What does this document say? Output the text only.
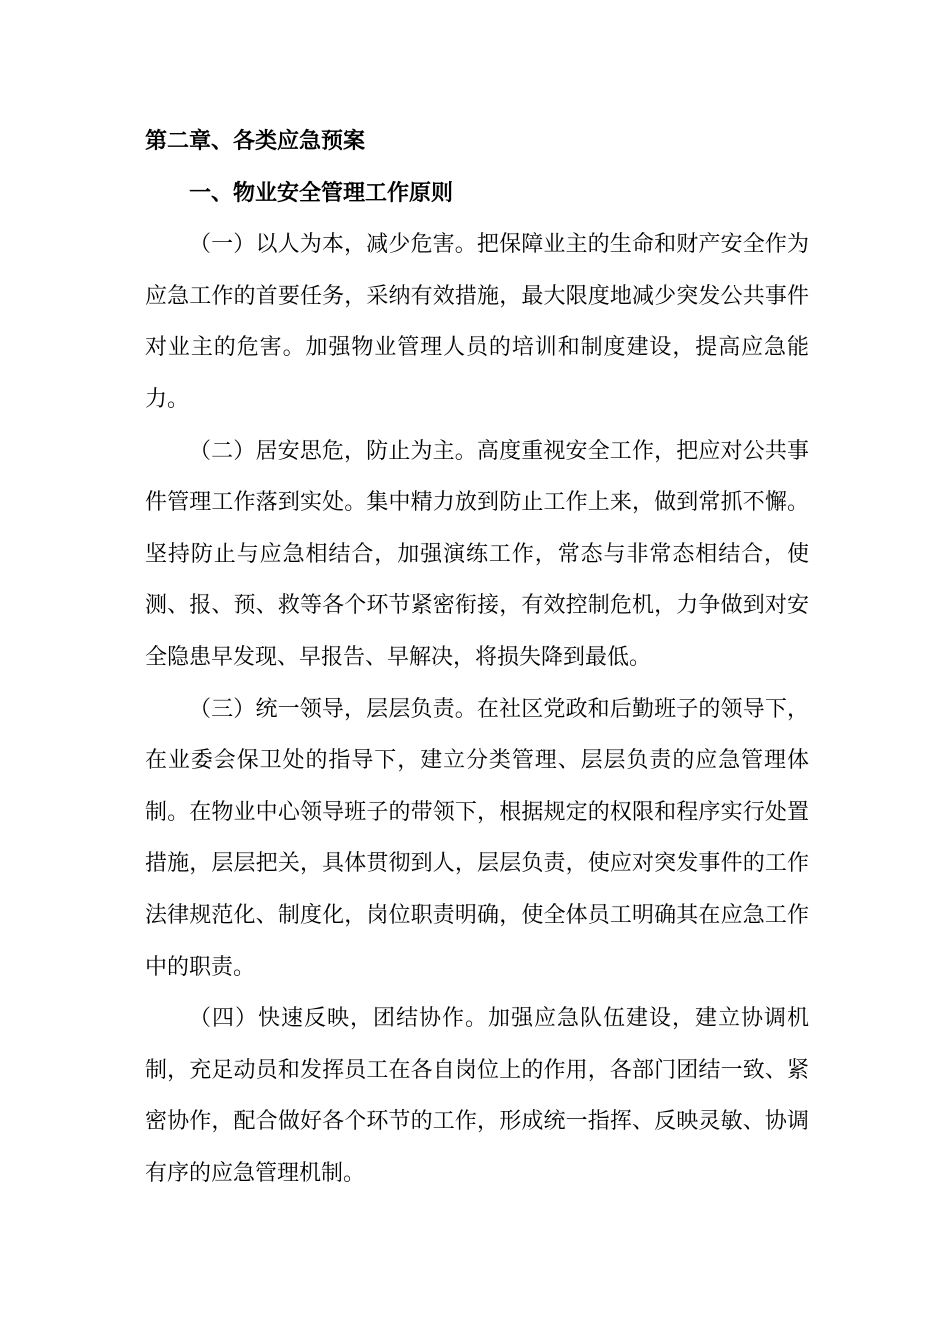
第二章、各类应急预案

一、物业安全管理工作原则

（一）以人为本，减少危害。把保障业主的生命和财产安全作为应急工作的首要任务，采纳有效措施，最大限度地减少突发公共事件对业主的危害。加强物业管理人员的培训和制度建设，提高应急能力。

（二）居安思危，防止为主。高度重视安全工作，把应对公共事件管理工作落到实处。集中精力放到防止工作上来，做到常抓不懈。坚持防止与应急相结合，加强演练工作，常态与非常态相结合，使测、报、预、救等各个环节紧密衔接，有效控制危机，力争做到对安全隐患早发现、早报告、早解决，将损失降到最低。

（三）统一领导，层层负责。在社区党政和后勤班子的领导下，在业委会保卫处的指导下，建立分类管理、层层负责的应急管理体制。在物业中心领导班子的带领下，根据规定的权限和程序实行处置措施，层层把关，具体贯彻到人，层层负责，使应对突发事件的工作法律规范化、制度化，岗位职责明确，使全体员工明确其在应急工作中的职责。

（四）快速反映，团结协作。加强应急队伍建设，建立协调机制，充足动员和发挥员工在各自岗位上的作用，各部门团结一致、紧密协作，配合做好各个环节的工作，形成统一指挥、反映灵敏、协调有序的应急管理机制。
